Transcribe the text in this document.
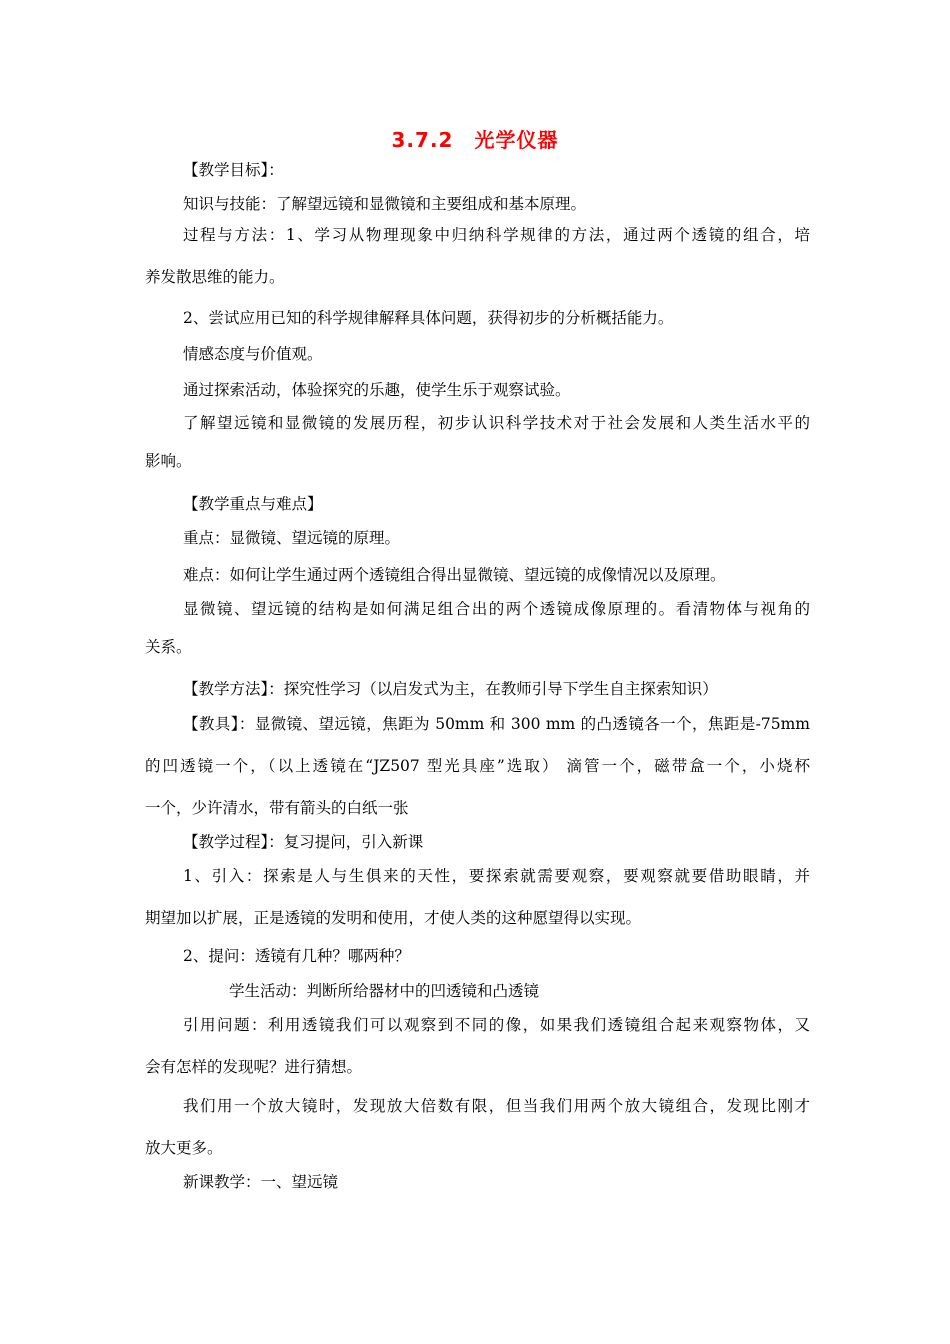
3.7.2　光学仪器
【教学目标】：
知识与技能：了解望远镜和显微镜和主要组成和基本原理。
过程与方法：1、学习从物理现象中归纳科学规律的方法，通过两个透镜的组合，培
养发散思维的能力。
2、尝试应用已知的科学规律解释具体问题，获得初步的分析概括能力。
情感态度与价值观。
通过探索活动，体验探究的乐趣，使学生乐于观察试验。
了解望远镜和显微镜的发展历程，初步认识科学技术对于社会发展和人类生活水平的
影响。
【教学重点与难点】
重点：显微镜、望远镜的原理。
难点：如何让学生通过两个透镜组合得出显微镜、望远镜的成像情况以及原理。
显微镜、望远镜的结构是如何满足组合出的两个透镜成像原理的。看清物体与视角的
关系。
【教学方法】：探究性学习（以启发式为主，在教师引导下学生自主探索知识）
【教具】：显微镜、望远镜，焦距为 50mm 和 300 mm 的凸透镜各一个，焦距是-75mm
的凹透镜一个，（以上透镜在“JZ507 型光具座”选取） 滴管一个，磁带盒一个，小烧杯
一个，少许清水，带有箭头的白纸一张
【教学过程】：复习提问，引入新课
1、引入：探索是人与生俱来的天性，要探索就需要观察，要观察就要借助眼睛，并
期望加以扩展，正是透镜的发明和使用，才使人类的这种愿望得以实现。
2、提问：透镜有几种？哪两种？
学生活动：判断所给器材中的凹透镜和凸透镜
引用问题：利用透镜我们可以观察到不同的像，如果我们透镜组合起来观察物体，又
会有怎样的发现呢？进行猜想。
我们用一个放大镜时，发现放大倍数有限，但当我们用两个放大镜组合，发现比刚才
放大更多。
新课教学：一、望远镜
